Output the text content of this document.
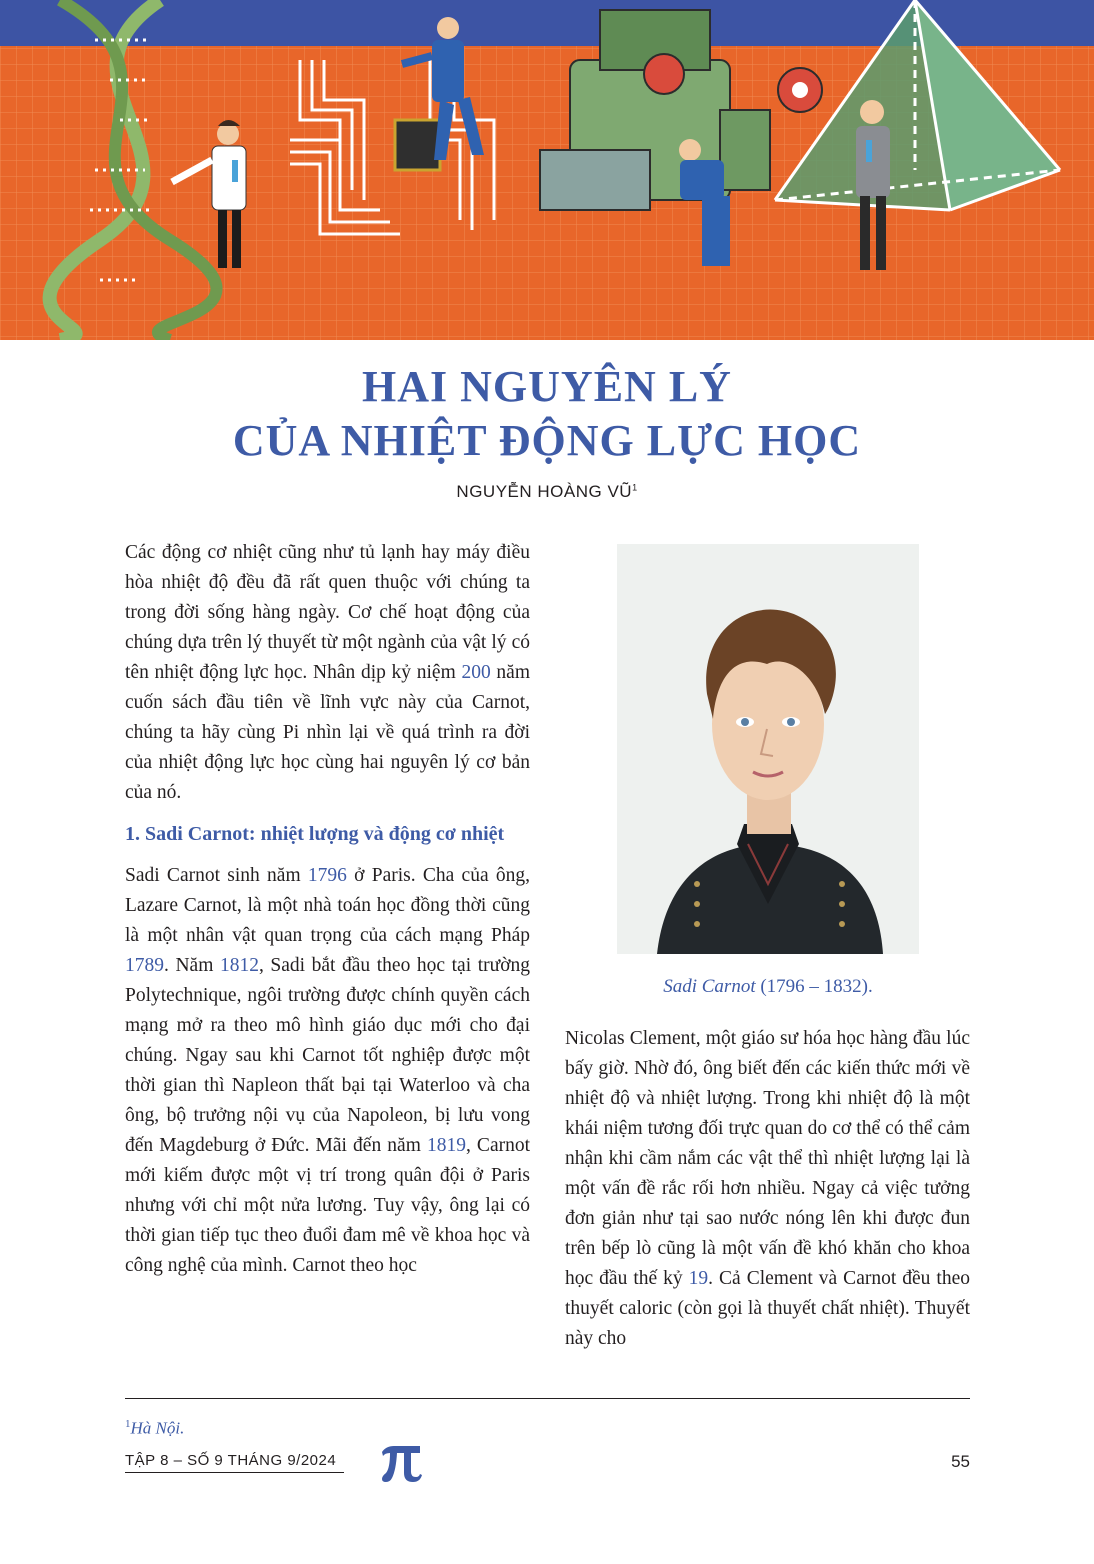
HAI NGUYÊN LÝ
CỦA NHIỆT ĐỘNG LỰC HỌC
NGUYỄN HOÀNG $VŨ^1$

Các động cơ nhiệt cũng như tủ lạnh hay máy điều hòa nhiệt độ đều đã rất quen thuộc với chúng ta trong đời sống hàng ngày. Cơ chế hoạt động của chúng dựa trên lý thuyết từ một ngành của vật lý có tên nhiệt động lực học. Nhân dịp kỷ niệm 200 năm cuốn sách đầu tiên về lĩnh vực này của Carnot, chúng ta hãy cùng Pi nhìn lại về quá trình ra đời của nhiệt động lực học cùng hai nguyên lý cơ bản của nó.

1. Sadi Carnot: nhiệt lượng và động cơ nhiệt

Sadi Carnot sinh năm 1796 ở Paris. Cha của ông, Lazare Carnot, là một nhà toán học đồng thời cũng là một nhân vật quan trọng của cách mạng Pháp 1789. Năm 1812, Sadi bắt đầu theo học tại trường Polytechnique, ngôi trường được chính quyền cách mạng mở ra theo mô hình giáo dục mới cho đại chúng. Ngay sau khi Carnot tốt nghiệp được một thời gian thì Napleon thất bại tại Waterloo và cha ông, bộ trưởng nội vụ của Napoleon, bị lưu vong đến Magdeburg ở Đức. Mãi đến năm 1819, Carnot mới kiếm được một vị trí trong quân đội ở Paris nhưng với chỉ một nửa lương. Tuy vậy, ông lại có thời gian tiếp tục theo đuổi đam mê về khoa học và công nghệ của mình. Carnot theo học

Sadi Carnot (1796 – 1832).

Nicolas Clement, một giáo sư hóa học hàng đầu lúc bấy giờ. Nhờ đó, ông biết đến các kiến thức mới về nhiệt độ và nhiệt lượng. Trong khi nhiệt độ là một khái niệm tương đối trực quan do cơ thể có thể cảm nhận khi cầm nắm các vật thể thì nhiệt lượng lại là một vấn đề rắc rối hơn nhiều. Ngay cả việc tưởng đơn giản như tại sao nước nóng lên khi được đun trên bếp lò cũng là một vấn đề khó khăn cho khoa học đầu thế kỷ 19. Cả Clement và Carnot đều theo thuyết caloric (còn gọi là thuyết chất nhiệt). Thuyết này cho

$^1$Hà Nội.
TẬP 8 – SỐ 9 THÁNG 9/2024	55
